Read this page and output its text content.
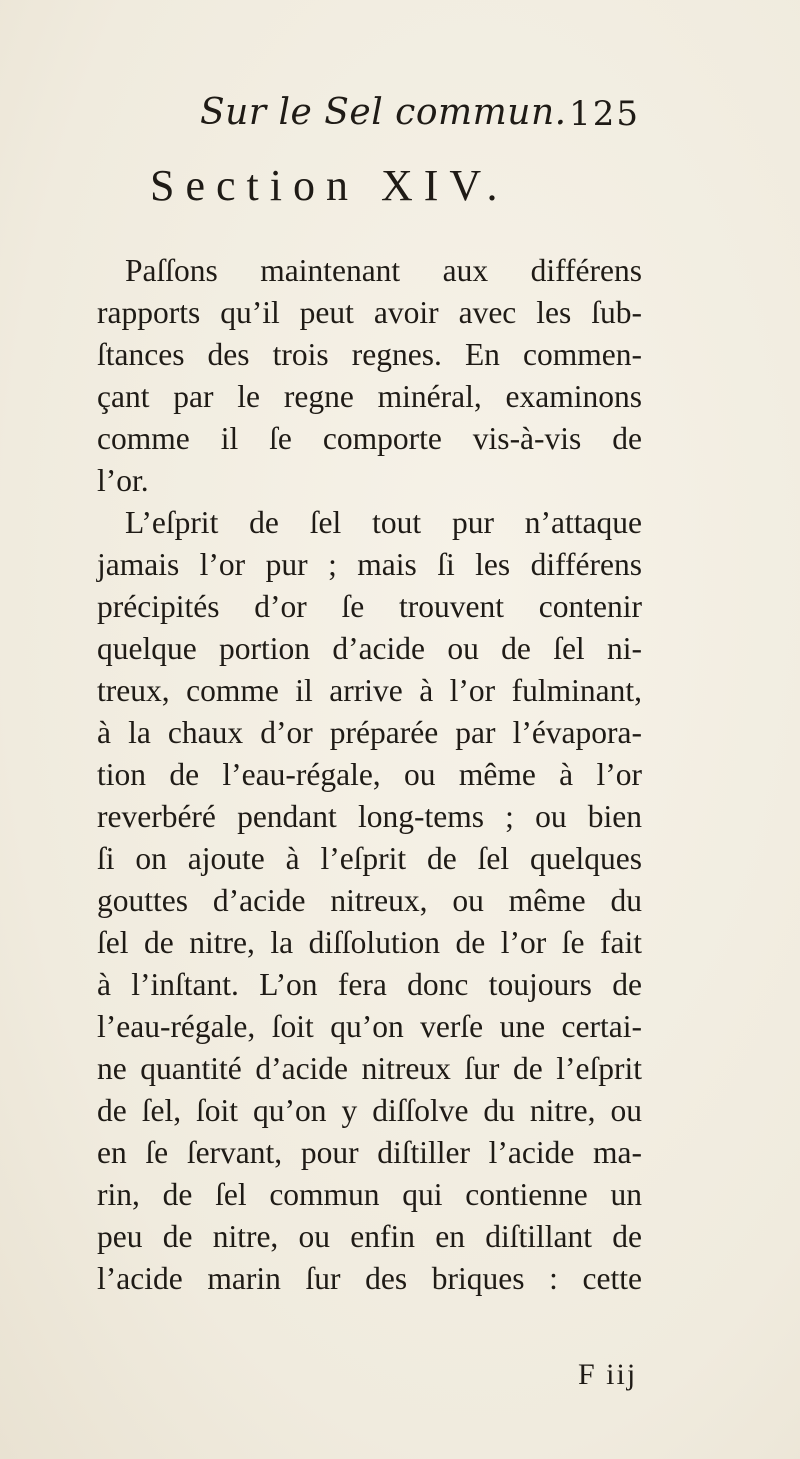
Sur le Sel commun. 125
Section XIV.
Paſſons maintenant aux différens
rapports qu’il peut avoir avec les ſub-
ſtances des trois regnes. En commen-
çant par le regne minéral, examinons
comme il ſe comporte vis-à-vis de
l’or.
L’eſprit de ſel tout pur n’attaque
jamais l’or pur ; mais ſi les différens
précipités d’or ſe trouvent contenir
quelque portion d’acide ou de ſel ni-
treux, comme il arrive à l’or fulminant,
à la chaux d’or préparée par l’évapora-
tion de l’eau-régale, ou même à l’or
reverbéré pendant long-tems ; ou bien
ſi on ajoute à l’eſprit de ſel quelques
gouttes d’acide nitreux, ou même du
ſel de nitre, la diſſolution de l’or ſe fait
à l’inſtant. L’on fera donc toujours de
l’eau-régale, ſoit qu’on verſe une certai-
ne quantité d’acide nitreux ſur de l’eſprit
de ſel, ſoit qu’on y diſſolve du nitre, ou
en ſe ſervant, pour diſtiller l’acide ma-
rin, de ſel commun qui contienne un
peu de nitre, ou enfin en diſtillant de
l’acide marin ſur des briques : cette
F iij
